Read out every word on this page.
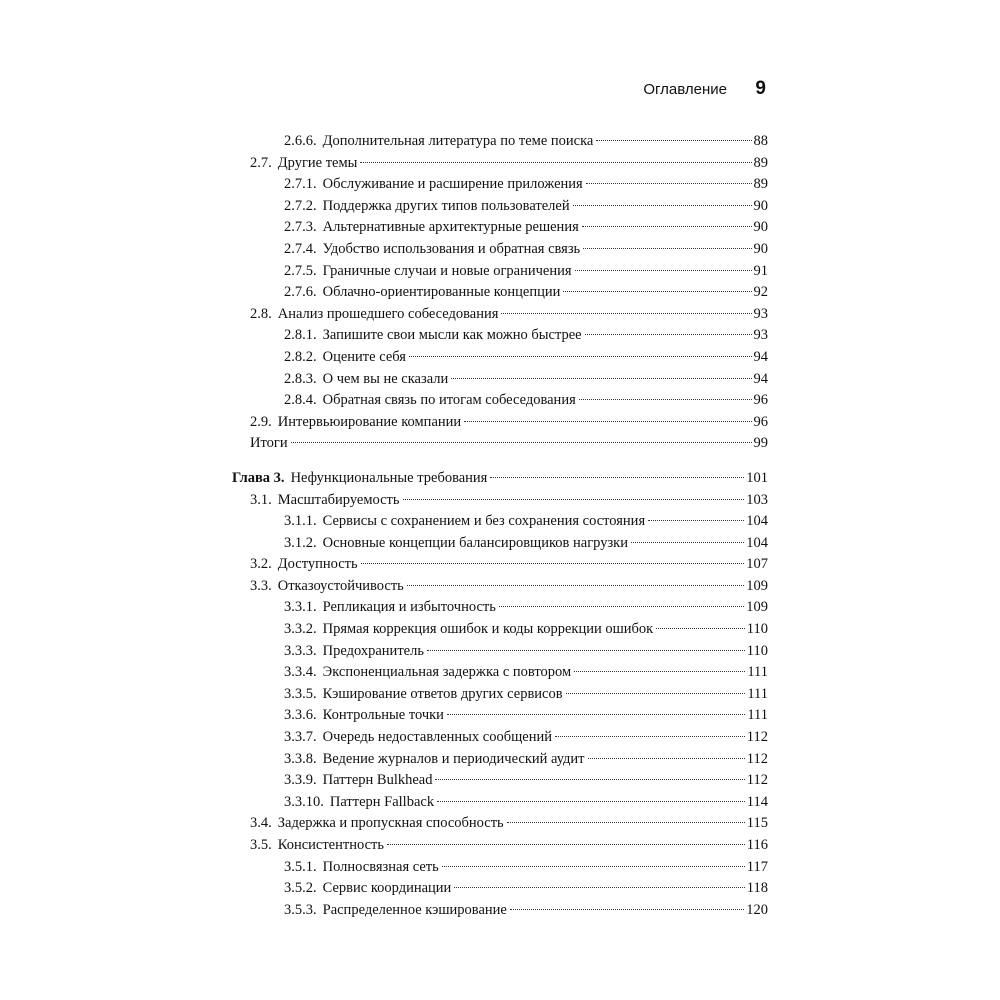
Оглавление 9
2.6.6. Дополнительная литература по теме поиска	88
2.7. Другие темы	89
2.7.1. Обслуживание и расширение приложения	89
2.7.2. Поддержка других типов пользователей	90
2.7.3. Альтернативные архитектурные решения	90
2.7.4. Удобство использования и обратная связь	90
2.7.5. Граничные случаи и новые ограничения	91
2.7.6. Облачно-ориентированные концепции	92
2.8. Анализ прошедшего собеседования	93
2.8.1. Запишите свои мысли как можно быстрее	93
2.8.2. Оцените себя	94
2.8.3. О чем вы не сказали	94
2.8.4. Обратная связь по итогам собеседования	96
2.9. Интервьюирование компании	96
Итоги	99
Глава 3. Нефункциональные требования	101
3.1. Масштабируемость	103
3.1.1. Сервисы с сохранением и без сохранения состояния	104
3.1.2. Основные концепции балансировщиков нагрузки	104
3.2. Доступность	107
3.3. Отказоустойчивость	109
3.3.1. Репликация и избыточность	109
3.3.2. Прямая коррекция ошибок и коды коррекции ошибок	110
3.3.3. Предохранитель	110
3.3.4. Экспоненциальная задержка с повтором	111
3.3.5. Кэширование ответов других сервисов	111
3.3.6. Контрольные точки	111
3.3.7. Очередь недоставленных сообщений	112
3.3.8. Ведение журналов и периодический аудит	112
3.3.9. Паттерн Bulkhead	112
3.3.10. Паттерн Fallback	114
3.4. Задержка и пропускная способность	115
3.5. Консистентность	116
3.5.1. Полносвязная сеть	117
3.5.2. Сервис координации	118
3.5.3. Распределенное кэширование	120
